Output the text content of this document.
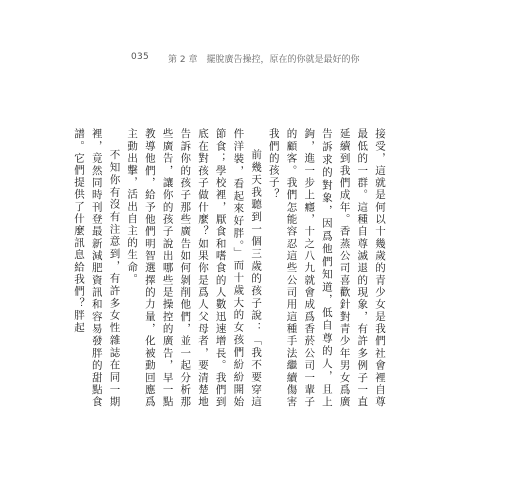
035 第 2 章　擺脫廣告操控，原在的你就是最好的你

接受，這就是何以十幾歲的青少女是我們社會裡自尊最低的一群。這種自尊滅退的現象，有許多例子一直延續到我們成年。香蒸公司喜歡針對青少年男女爲廣告訴求的對象，因爲他們知道，低自尊的人，且上鉤，進一步上癮，十之八九就會成爲香菸公司一輩子的顧客。我們怎能容忍這些公司用這種手法繼續傷害我們的孩子？

前幾天我聽到一個三歲的孩子說：「我不要穿這件洋裝，看起來好胖。」而十歲大的女孩們紛紛開始節食；學校裡，厭食和嗜食的人數迅速增長。我們到底在對孩子做什麼？如果你是爲人父母者，要清楚地告訴你的孩子那些廣告如何剝削他們，並一起分析那些廣告，讓你的孩子說出哪些是操控的廣告，早一點教導他們，給予他們明智選擇的力量，化被動回應爲主動出擊，活出自主的生命。

不知你有沒有注意到，有許多女性雜誌在同一期裡，竟然同時刊登最新減肥資訊和容易發胖的甜點食譜。它們提供了什麼訊息給我們？胖起
